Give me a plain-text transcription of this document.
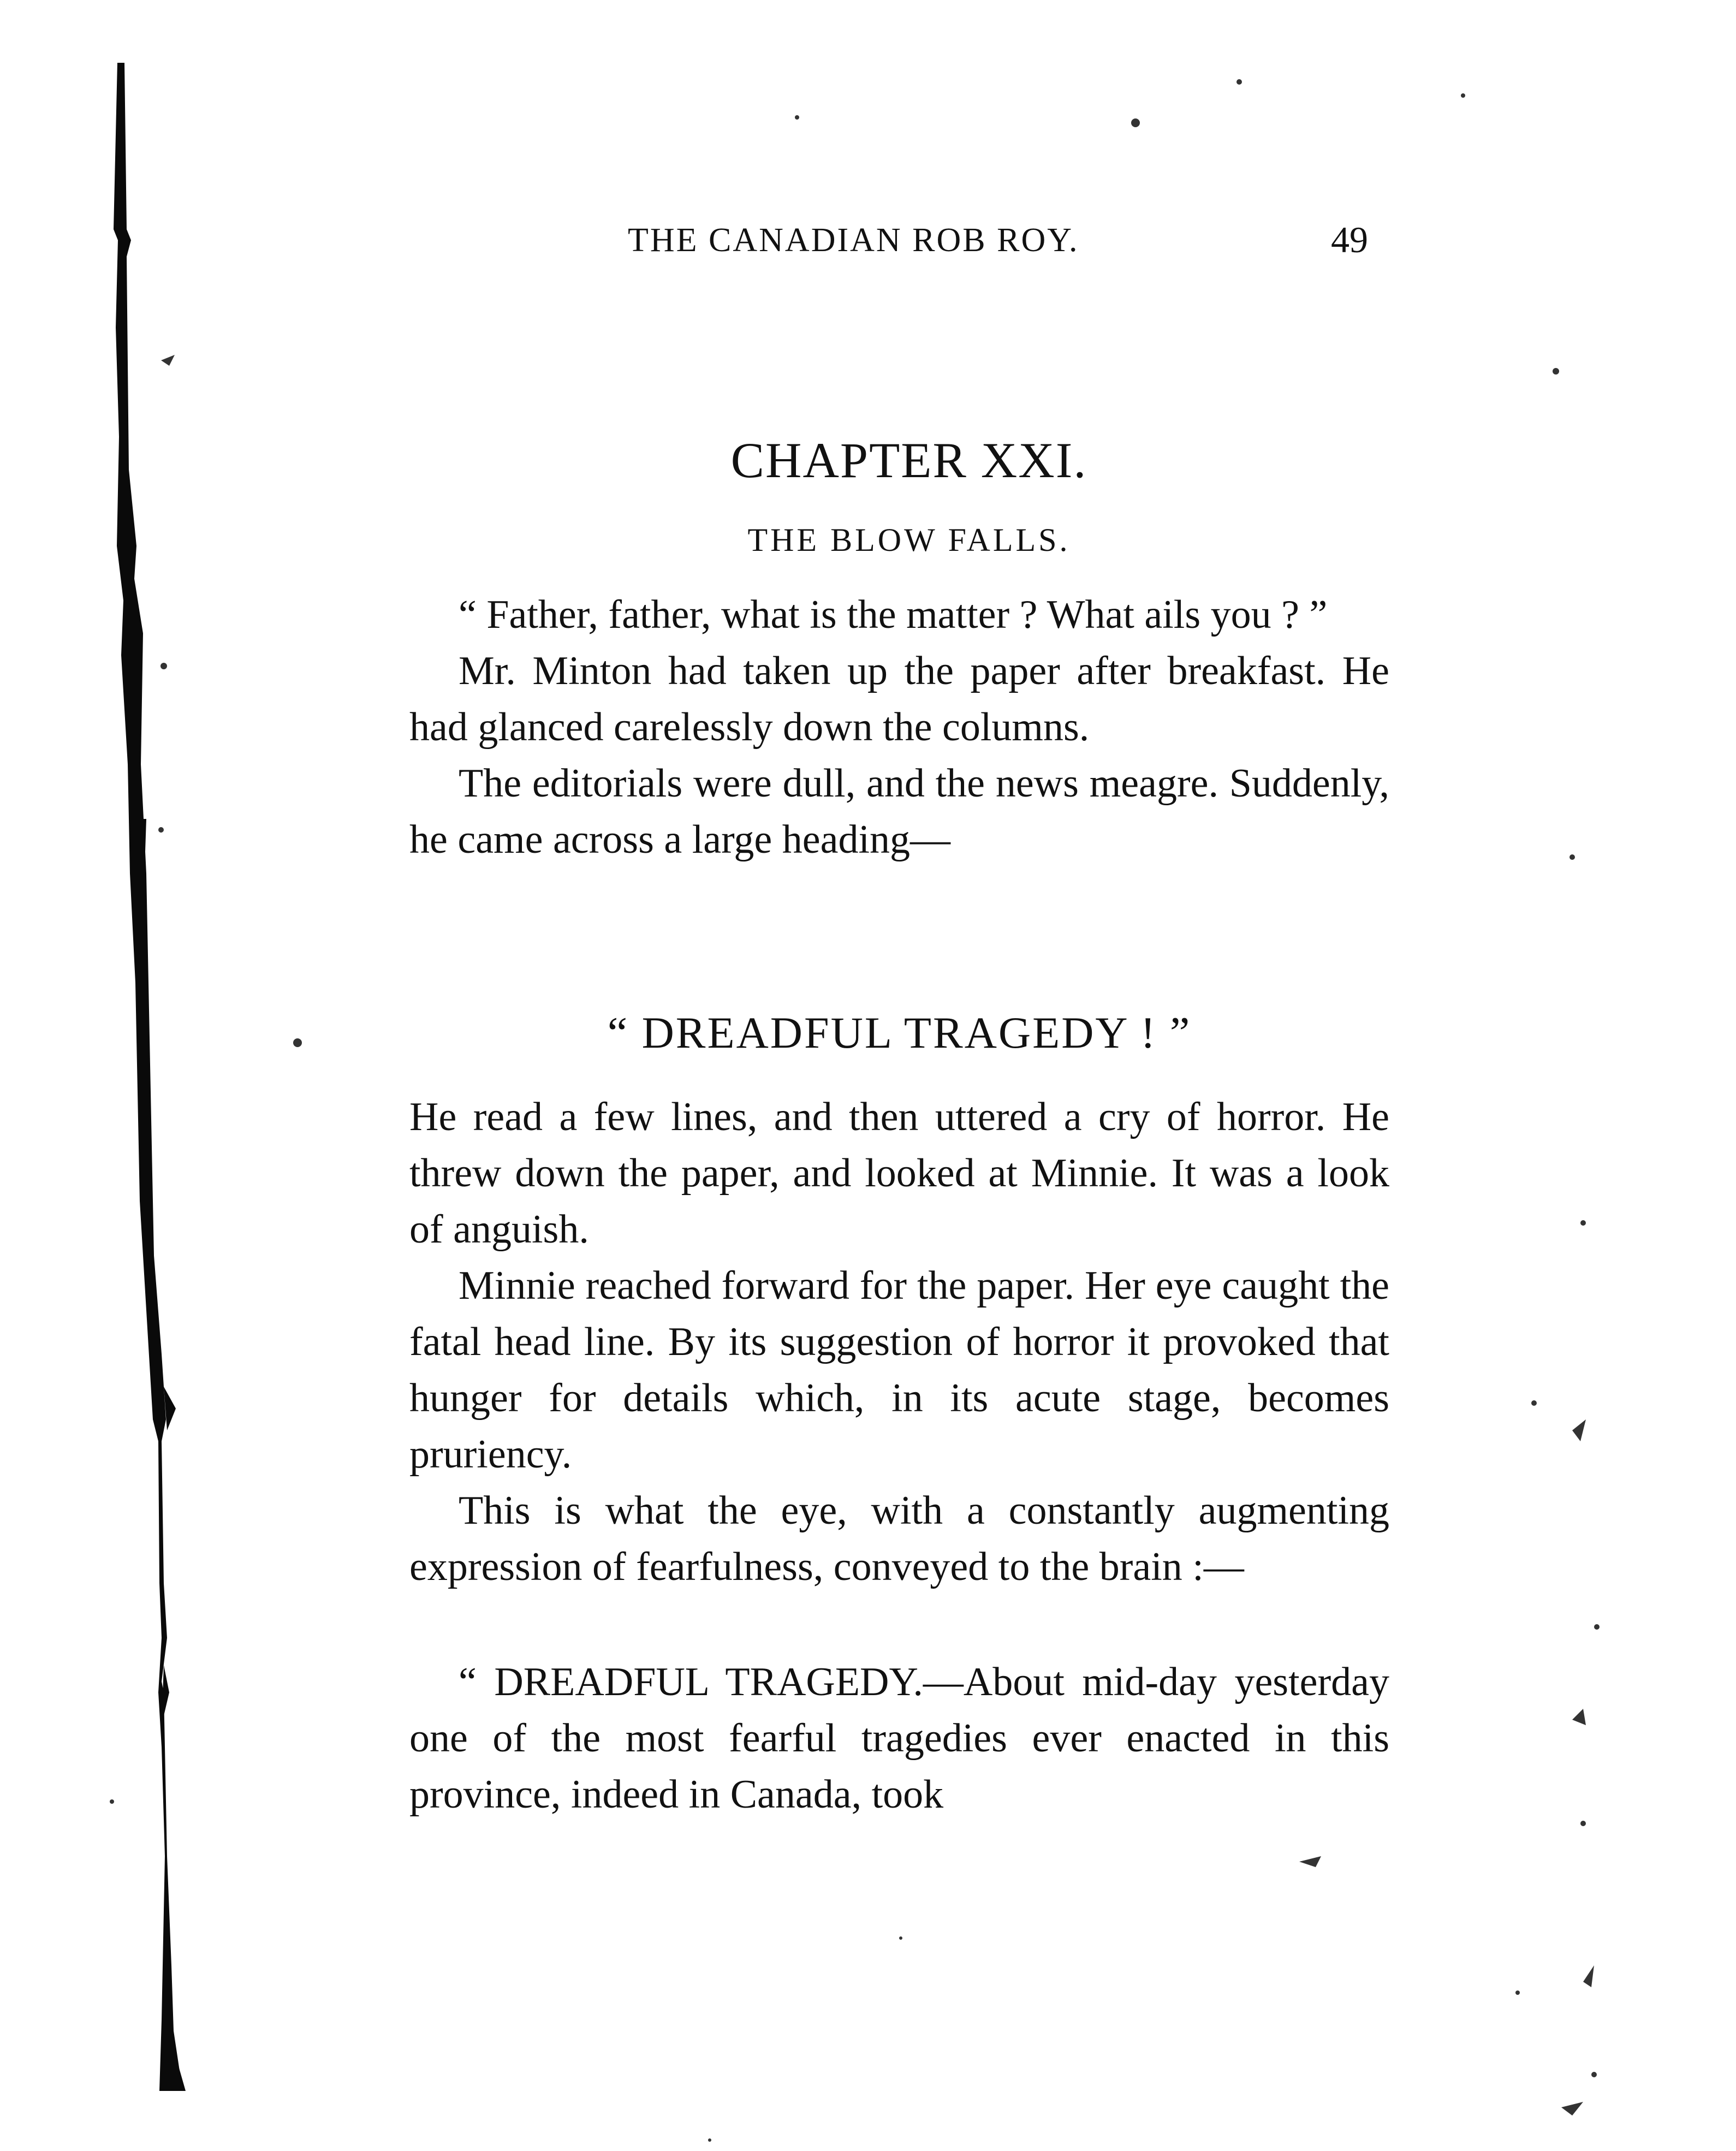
THE CANADIAN ROB ROY.	49
CHAPTER XXI.
THE BLOW FALLS.

“ Father, father, what is the matter ? What ails you ? ”

Mr. Minton had taken up the paper after breakfast. He had glanced carelessly down the columns.

The editorials were dull, and the news meagre. Suddenly, he came across a large heading—

“ DREADFUL TRAGEDY ! ”

He read a few lines, and then uttered a cry of horror. He threw down the paper, and looked at Minnie. It was a look of anguish.

Minnie reached forward for the paper. Her eye caught the fatal head line. By its suggestion of horror it provoked that hunger for details which, in its acute stage, becomes pruriency.

This is what the eye, with a constantly augmenting expression of fearfulness, conveyed to the brain :—

“ DREADFUL TRAGEDY.—About mid-day yesterday one of the most fearful tragedies ever enacted in this province, indeed in Canada, took
